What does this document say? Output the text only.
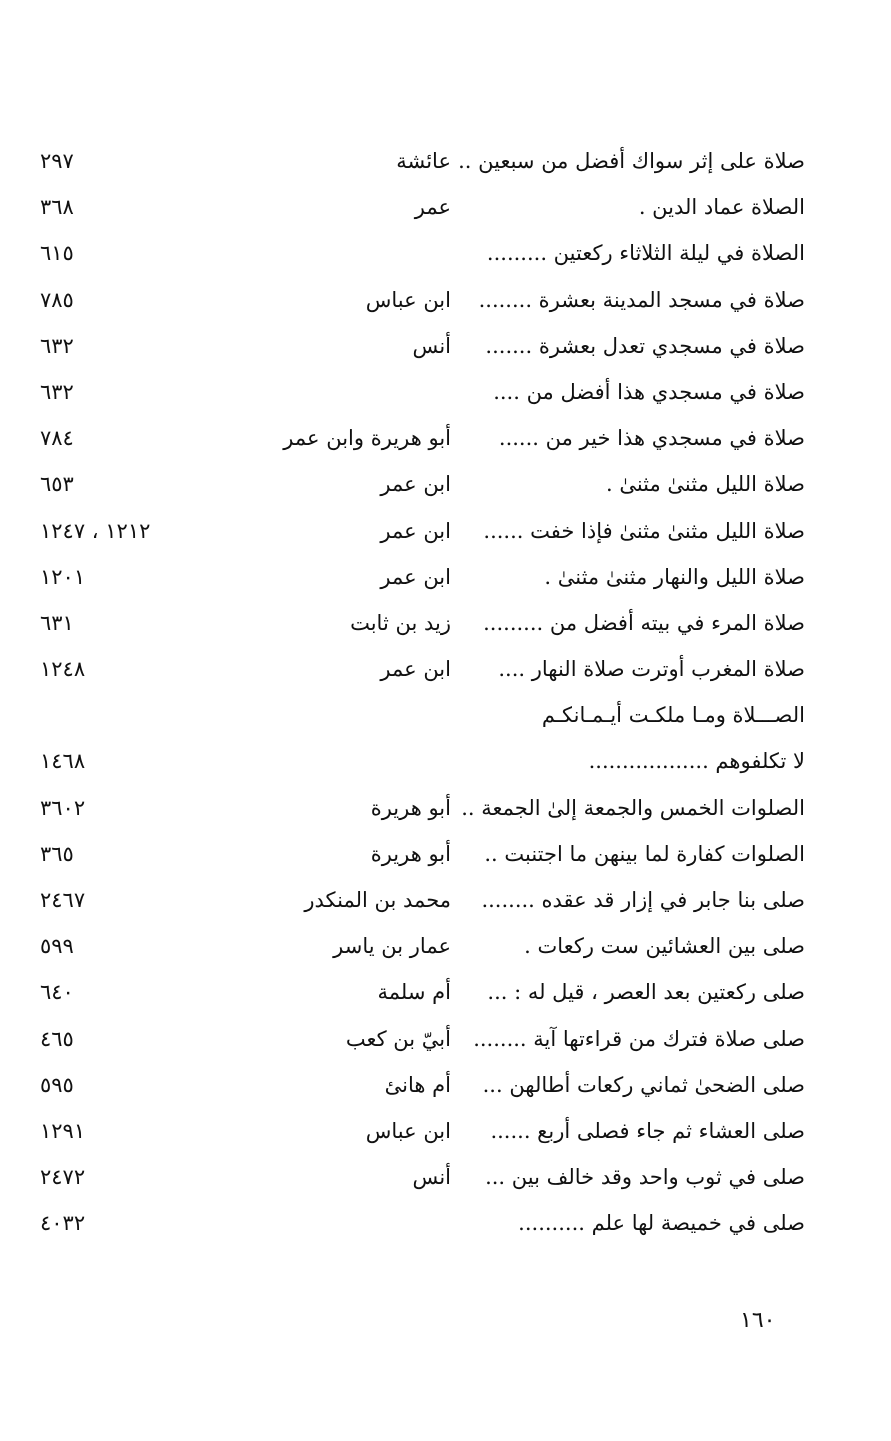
صلاة على إثر سواك أفضل من سبعين ..
عائشة
٢٩٧
الصلاة عماد الدين .
عمر
٣٦٨
الصلاة في ليلة الثلاثاء ركعتين .........
٦١٥
صلاة في مسجد المدينة بعشرة ........
ابن عباس
٧٨٥
صلاة في مسجدي تعدل بعشرة .......
أنس
٦٣٢
صلاة في مسجدي هذا أفضل من ....
٦٣٢
صلاة في مسجدي هذا خير من ......
أبو هريرة وابن عمر
٧٨٤
صلاة الليل مثنىٰ مثنىٰ .
ابن عمر
٦٥٣
صلاة الليل مثنىٰ مثنىٰ فإذا خفت ......
ابن عمر
١٢١٢ ، ١٢٤٧
صلاة الليل والنهار مثنىٰ مثنىٰ .
ابن عمر
١٢٠١
صلاة المرء في بيته أفضل من .........
زيد بن ثابت
٦٣١
صلاة المغرب أوترت صلاة النهار ....
ابن عمر
١٢٤٨
الصـــلاة ومـا ملكـت أيـمـانكـم
لا تكلفوهم ..................
١٤٦٨
الصلوات الخمس والجمعة إلىٰ الجمعة ..
أبو هريرة
٣٦٠٢
الصلوات كفارة لما بينهن ما اجتنبت ..
أبو هريرة
٣٦٥
صلى بنا جابر في إزار قد عقده ........
محمد بن المنكدر
٢٤٦٧
صلى بين العشائين ست ركعات .
عمار بن ياسر
٥٩٩
صلى ركعتين بعد العصر ، قيل له : ...
أم سلمة
٦٤٠
صلى صلاة فترك من قراءتها آية ........
أبيّ بن كعب
٤٦٥
صلى الضحىٰ ثماني ركعات أطالهن ...
أم هانئ
٥٩٥
صلى العشاء ثم جاء فصلى أربع ......
ابن عباس
١٢٩١
صلى في ثوب واحد وقد خالف بين ...
أنس
٢٤٧٢
صلى في خميصة لها علم ..........
٤٠٣٢
١٦٠
